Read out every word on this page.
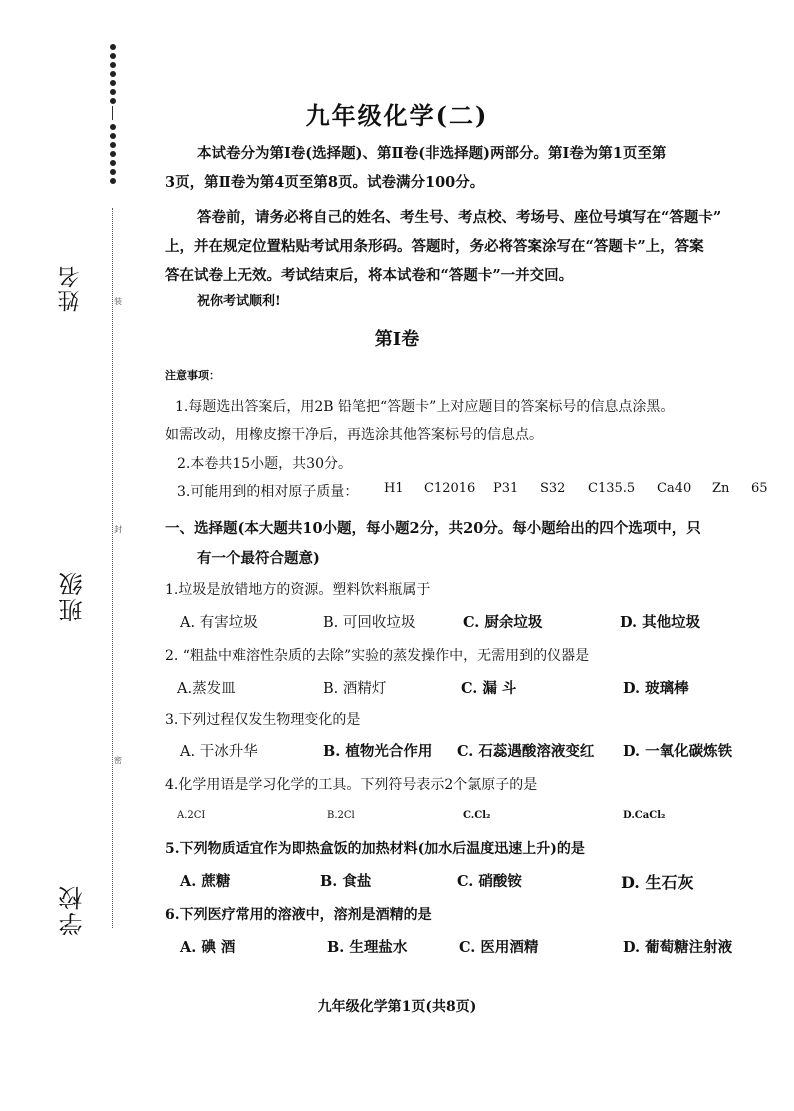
装
封
密
姓名
班级
学校
九年级化学(二)
本试卷分为第I卷(选择题)、第Ⅱ卷(非选择题)两部分。第I卷为第1页至第
3页，第Ⅱ卷为第4页至第8页。试卷满分100分。
答卷前，请务必将自己的姓名、考生号、考点校、考场号、座位号填写在“答题卡”
上，并在规定位置粘贴考试用条形码。答题时，务必将答案涂写在“答题卡”上，答案
答在试卷上无效。考试结束后，将本试卷和“答题卡”一并交回。
祝你考试顺利!
第I卷
注意事项：
1.每题选出答案后，用2B 铅笔把“答题卡”上对应题目的答案标号的信息点涂黑。
如需改动，用橡皮擦干净后，再选涂其他答案标号的信息点。
2.本卷共15小题，共30分。
3.可能用到的相对原子质量： H1 C12016 P31 S32 C135.5 Ca40 Zn 65
一、选择题(本大题共10小题，每小题2分，共20分。每小题给出的四个选项中，只
有一个最符合题意)
1.垃圾是放错地方的资源。塑料饮料瓶属于
A. 有害垃圾	B. 可回收垃圾	C. 厨余垃圾	D. 其他垃圾
2. “粗盐中难溶性杂质的去除”实验的蒸发操作中，无需用到的仪器是
A.蒸发皿	B. 酒精灯	C. 漏 斗	D. 玻璃棒
3.下列过程仅发生物理变化的是
A. 干冰升华	B. 植物光合作用 C. 石蕊遇酸溶液变红 D. 一氧化碳炼铁
4.化学用语是学习化学的工具。下列符号表示2个氯原子的是
A.2CI	B.2Cl	C.Cl₂	D.CaCl₂
5.下列物质适宜作为即热盒饭的加热材料(加水后温度迅速上升)的是
A. 蔗糖	B. 食盐	C. 硝酸铵	D. 生石灰
6.下列医疗常用的溶液中，溶剂是酒精的是
A. 碘 酒	B. 生理盐水	C. 医用酒精	D. 葡萄糖注射液
九年级化学第1页(共8页)
